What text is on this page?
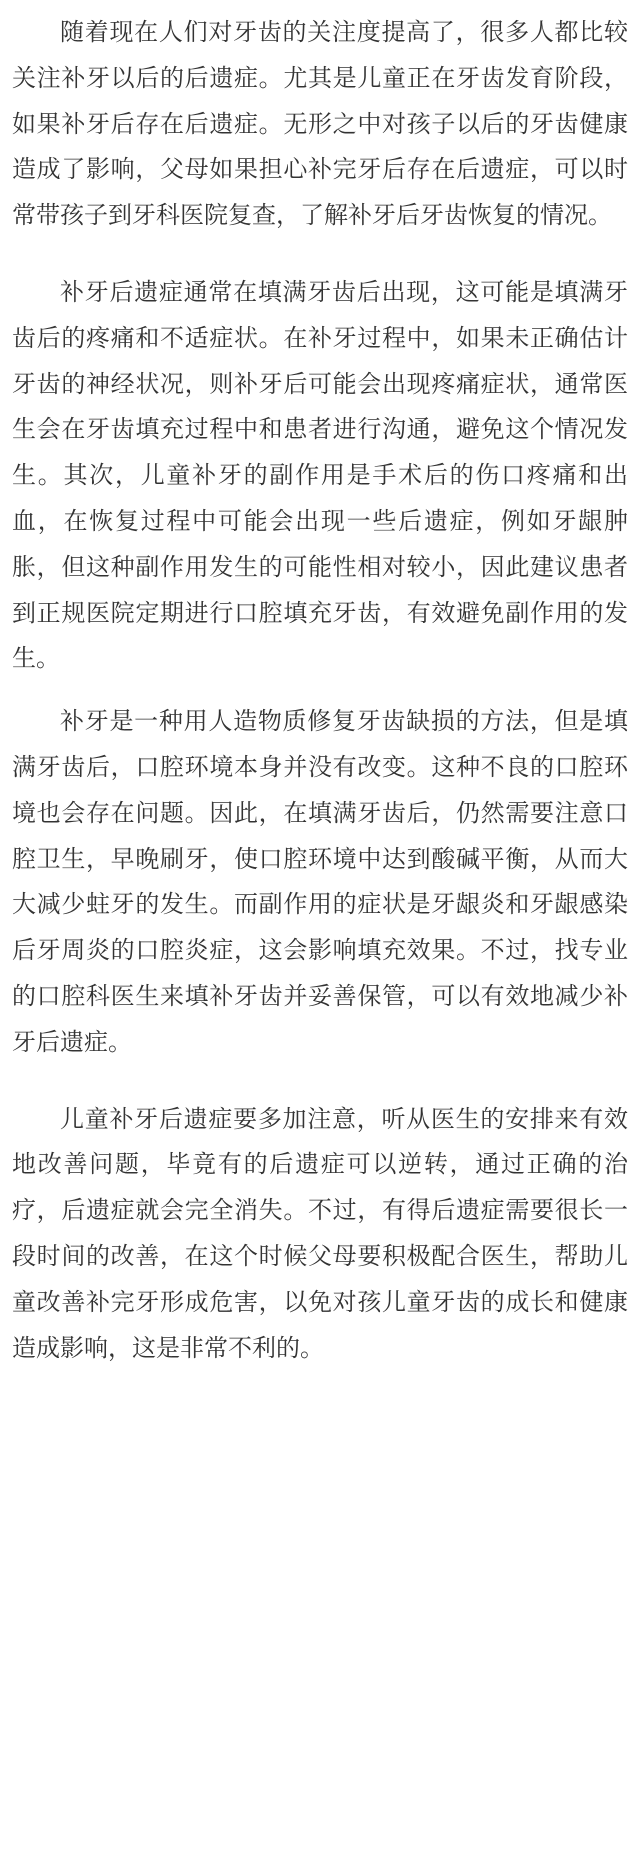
随着现在人们对牙齿的关注度提高了，很多人都比较关注补牙以后的后遗症。尤其是儿童正在牙齿发育阶段，如果补牙后存在后遗症。无形之中对孩子以后的牙齿健康造成了影响，父母如果担心补完牙后存在后遗症，可以时常带孩子到牙科医院复查，了解补牙后牙齿恢复的情况。

补牙后遗症通常在填满牙齿后出现，这可能是填满牙齿后的疼痛和不适症状。在补牙过程中，如果未正确估计牙齿的神经状况，则补牙后可能会出现疼痛症状，通常医生会在牙齿填充过程中和患者进行沟通，避免这个情况发生。其次，儿童补牙的副作用是手术后的伤口疼痛和出血，在恢复过程中可能会出现一些后遗症，例如牙龈肿胀，但这种副作用发生的可能性相对较小，因此建议患者到正规医院定期进行口腔填充牙齿，有效避免副作用的发生。

补牙是一种用人造物质修复牙齿缺损的方法，但是填满牙齿后，口腔环境本身并没有改变。这种不良的口腔环境也会存在问题。因此，在填满牙齿后，仍然需要注意口腔卫生，早晚刷牙，使口腔环境中达到酸碱平衡，从而大大减少蛀牙的发生。而副作用的症状是牙龈炎和牙龈感染后牙周炎的口腔炎症，这会影响填充效果。不过，找专业的口腔科医生来填补牙齿并妥善保管，可以有效地减少补牙后遗症。

儿童补牙后遗症要多加注意，听从医生的安排来有效地改善问题，毕竟有的后遗症可以逆转，通过正确的治疗，后遗症就会完全消失。不过，有得后遗症需要很长一段时间的改善，在这个时候父母要积极配合医生，帮助儿童改善补完牙形成危害，以免对孩儿童牙齿的成长和健康造成影响，这是非常不利的。
